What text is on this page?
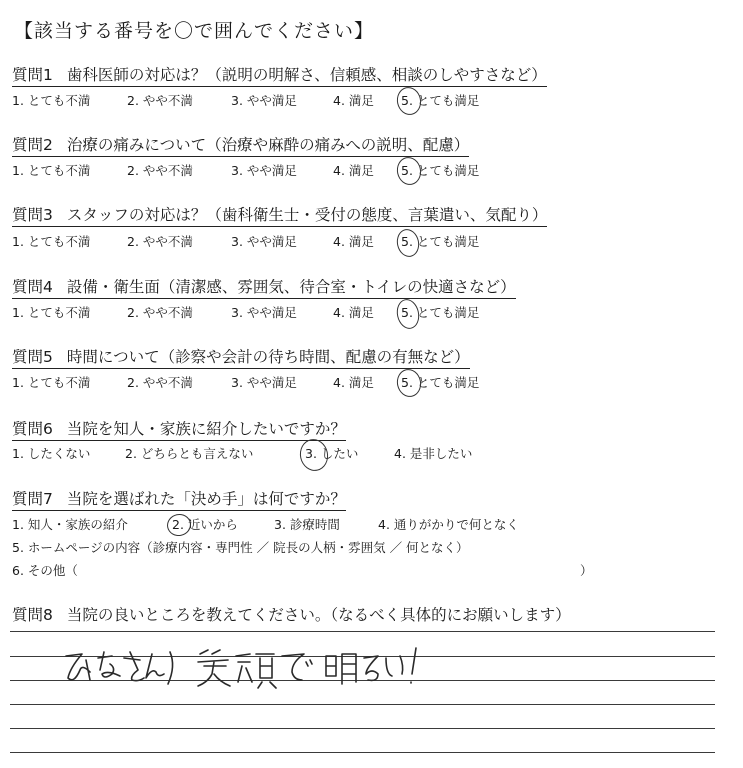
【該当する番号を〇で囲んでください】
質問1 歯科医師の対応は？（説明の明解さ、信頼感、相談のしやすさなど）
1. とても不満	2. やや不満	3. やや満足	4. 満足 5. とても満足
質問2 治療の痛みについて（治療や麻酔の痛みへの説明、配慮）
1. とても不満	2. やや不満	3. やや満足	4. 満足 5. とても満足
質問3 スタッフの対応は？（歯科衛生士・受付の態度、言葉遣い、気配り）
1. とても不満	2. やや不満	3. やや満足	4. 満足 5. とても満足
質問4 設備・衛生面（清潔感、雰囲気、待合室・トイレの快適さなど）
1. とても不満	2. やや不満	3. やや満足	4. 満足 5. とても満足
質問5 時間について（診察や会計の待ち時間、配慮の有無など）
1. とても不満	2. やや不満	3. やや満足	4. 満足 5. とても満足
質問6 当院を知人・家族に紹介したいですか？
1. したくない	2. どちらとも言えない	3. したい	4. 是非したい
質問7 当院を選ばれた「決め手」は何ですか？
1. 知人・家族の紹介	2. 近いから	3. 診療時間	4. 通りがかりで何となく
5. ホームページの内容（診療内容・専門性 ／ 院長の人柄・雰囲気 ／ 何となく）
6. その他（	）
質問8 当院の良いところを教えてください。（なるべく具体的にお願いします）
